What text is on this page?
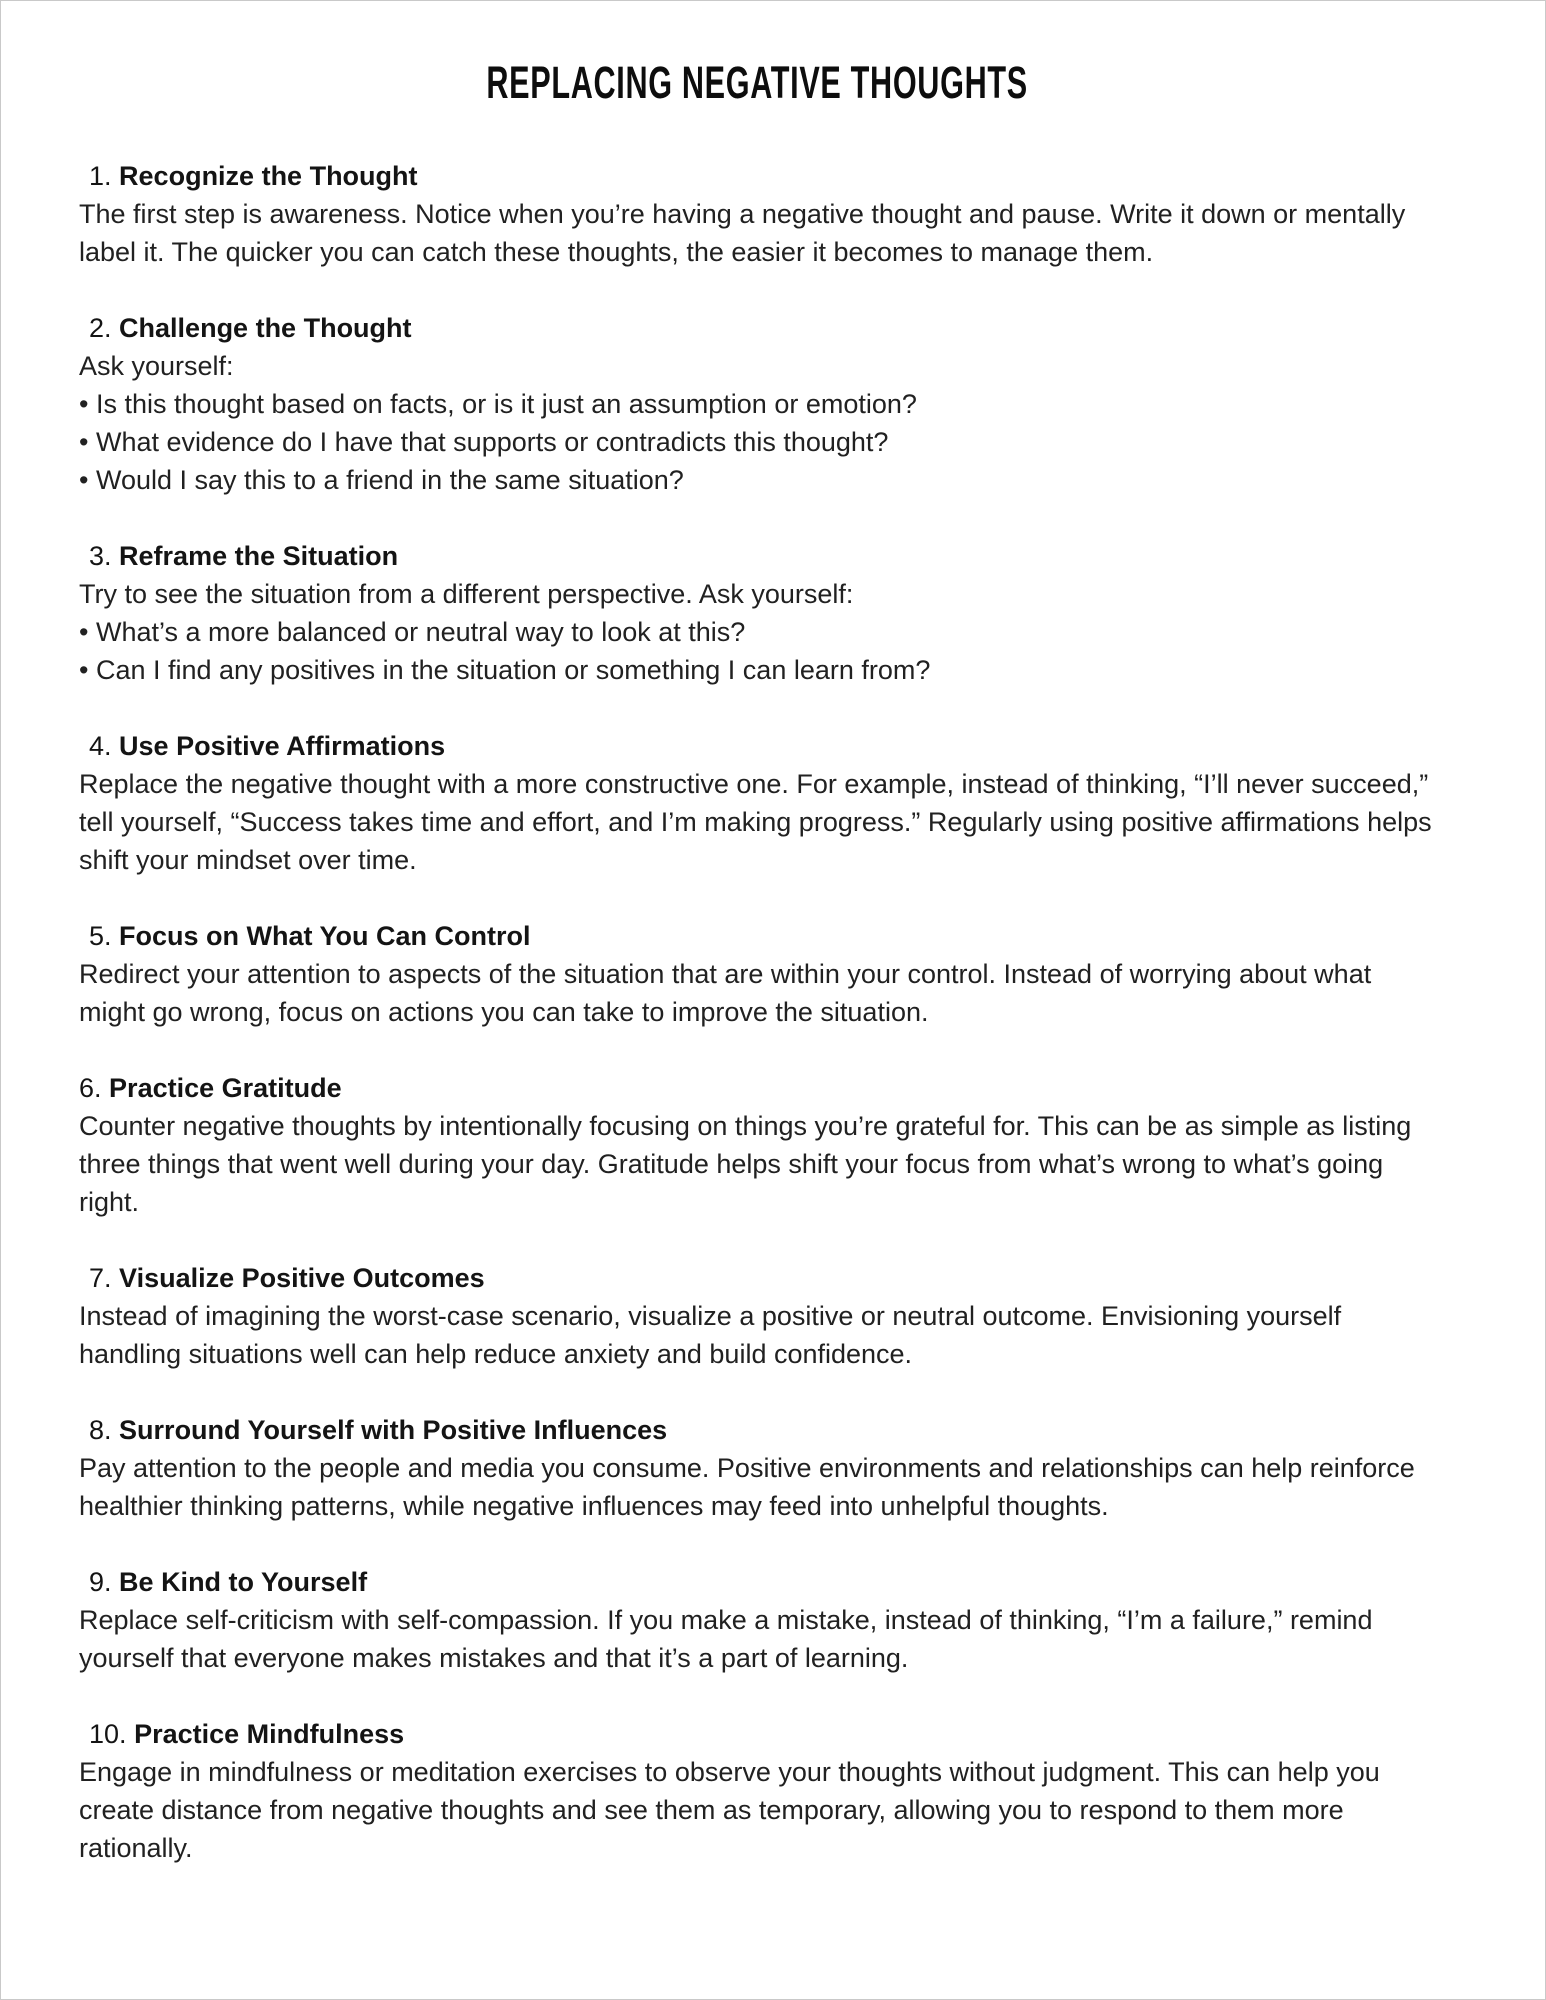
REPLACING NEGATIVE THOUGHTS

1. Recognize the Thought

The first step is awareness. Notice when you’re having a negative thought and pause. Write it down or mentally label it. The quicker you can catch these thoughts, the easier it becomes to manage them.

2. Challenge the Thought

Ask yourself:

• Is this thought based on facts, or is it just an assumption or emotion?

• What evidence do I have that supports or contradicts this thought?

• Would I say this to a friend in the same situation?

3. Reframe the Situation

Try to see the situation from a different perspective. Ask yourself:

• What’s a more balanced or neutral way to look at this?

• Can I find any positives in the situation or something I can learn from?

4. Use Positive Affirmations

Replace the negative thought with a more constructive one. For example, instead of thinking, “I’ll never succeed,” tell yourself, “Success takes time and effort, and I’m making progress.” Regularly using positive affirmations helps shift your mindset over time.

5. Focus on What You Can Control

Redirect your attention to aspects of the situation that are within your control. Instead of worrying about what might go wrong, focus on actions you can take to improve the situation.

6. Practice Gratitude

Counter negative thoughts by intentionally focusing on things you’re grateful for. This can be as simple as listing three things that went well during your day. Gratitude helps shift your focus from what’s wrong to what’s going right.

7. Visualize Positive Outcomes

Instead of imagining the worst-case scenario, visualize a positive or neutral outcome. Envisioning yourself handling situations well can help reduce anxiety and build confidence.

8. Surround Yourself with Positive Influences

Pay attention to the people and media you consume. Positive environments and relationships can help reinforce healthier thinking patterns, while negative influences may feed into unhelpful thoughts.

9. Be Kind to Yourself

Replace self-criticism with self-compassion. If you make a mistake, instead of thinking, “I’m a failure,” remind yourself that everyone makes mistakes and that it’s a part of learning.

10. Practice Mindfulness

Engage in mindfulness or meditation exercises to observe your thoughts without judgment. This can help you create distance from negative thoughts and see them as temporary, allowing you to respond to them more rationally.
